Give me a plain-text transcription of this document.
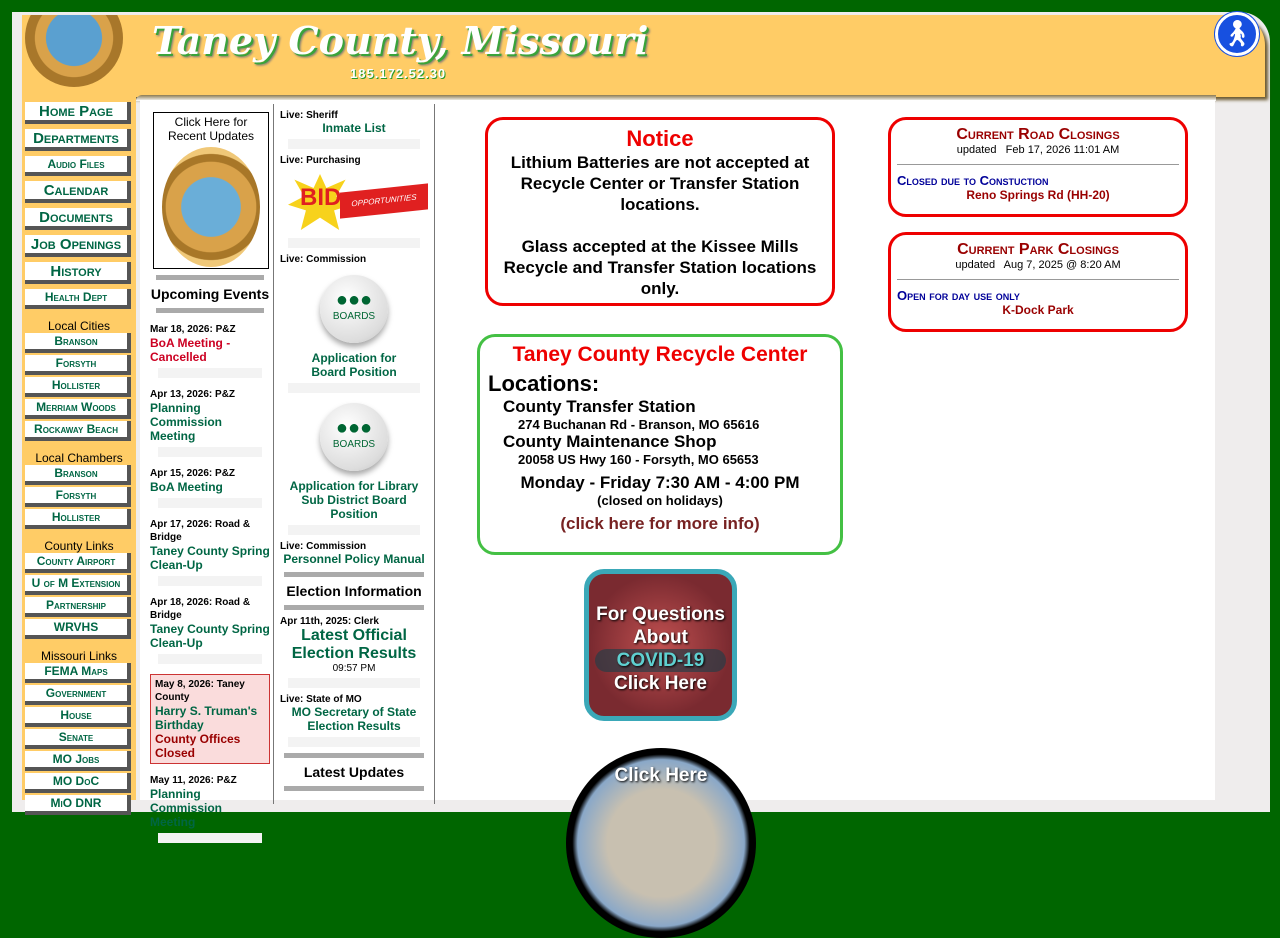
Taney County, Missouri
185.172.52.30
🚶︎
Home Page
Departments
Audio Files
Calendar
Documents
Job Openings
History
Health Dept
Local Cities
Branson
Forsyth
Hollister
Merriam Woods
Rockaway Beach
Local Chambers
Branson
Forsyth
Hollister
County Links
County Airport
U of M Extension
Partnership
WRVHS
Missouri Links
FEMA Maps
Government
House
Senate
MO Jobs
MO DoC
MiO DNR
Click Here for Recent Updates
Upcoming Events
Mar 18, 2026: P&Z
BoA Meeting - Cancelled
Apr 13, 2026: P&Z
Planning Commission Meeting
Apr 15, 2026: P&Z
BoA Meeting
Apr 17, 2026: Road & Bridge
Taney County Spring Clean-Up
Apr 18, 2026: Road & Bridge
Taney County Spring Clean-Up
May 8, 2026: Taney County
Harry S. Truman's Birthday
County Offices Closed
May 11, 2026: P&Z
Planning Commission Meeting
Live: Sheriff
Inmate List
Live: Purchasing
OPPORTUNITIES
BID
Live: Commission
●●●
BOARDS
Application for Board Position
●●●
BOARDS
Application for Library Sub District Board Position
Live: Commission
Personnel Policy Manual
Election Information
Apr 11th, 2025: Clerk
Latest Official Election Results
09:57 PM
Live: State of MO
MO Secretary of State Election Results
Latest Updates
Notice
Lithium Batteries are not accepted at Recycle Center or Transfer Station locations.
Glass accepted at the Kissee Mills Recycle and Transfer Station locations only.
Taney County Recycle Center
Locations:
County Transfer Station
274 Buchanan Rd - Branson, MO 65616
County Maintenance Shop
20058 US Hwy 160 - Forsyth, MO 65653
Monday - Friday 7:30 AM - 4:00 PM
(closed on holidays)
(click here for more info)
For Questions
About
COVID-19
Click Here
Click Here
Current Road Closings
updated   Feb 17, 2026 11:01 AM
Closed due to Constuction
Reno Springs Rd (HH-20)
Current Park Closings
updated   Aug 7, 2025 @ 8:20 AM
Open for day use only
K-Dock Park
